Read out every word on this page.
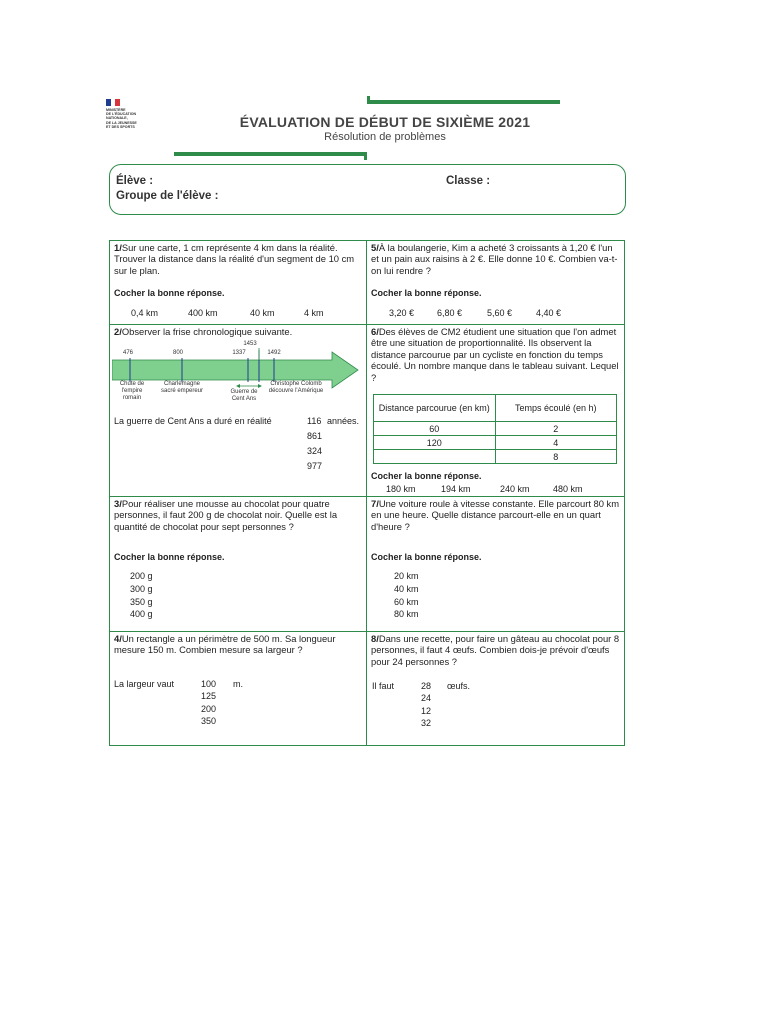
MINISTÈRE
DE L'ÉDUCATION
NATIONALE,
DE LA JEUNESSE
ET DES SPORTS	ÉVALUATION DE DÉBUT DE SIXIÈME 2021
Résolution de problèmes
Élève :	Classe :
Groupe de l'élève :
1/Sur une carte, 1 cm représente 4 km dans la réalité. Trouver la distance dans la réalité d'un segment de 10 cm sur le plan.
Cocher la bonne réponse.
0,4 km	400 km	40 km	4 km
5/À la boulangerie, Kim a acheté 3 croissants à 1,20 € l'un et un pain aux raisins à 2 €. Elle donne 10 €. Combien va-t-on lui rendre ?
Cocher la bonne réponse.
3,20 €	6,80 €	5,60 €	4,40 €
2/Observer la frise chronologique suivante.
476	800	1337
1453
1492
Chute de l'empire romain
Charlemagne sacré empereur	Guerre de Cent Ans
Christophe Colomb découvre l'Amérique
La guerre de Cent Ans a duré en réalité	116 années.
861
324
977
6/Des élèves de CM2 étudient une situation que l'on admet être une situation de proportionnalité. Ils observent la distance parcourue par un cycliste en fonction du temps écoulé. Un nombre manque dans le tableau suivant. Lequel ?
Distance parcourue (en km)	Temps écoulé (en h)
60	2
120	4
	8
Cocher la bonne réponse.
180 km	194 km	240 km	480 km
3/Pour réaliser une mousse au chocolat pour quatre personnes, il faut 200 g de chocolat noir. Quelle est la quantité de chocolat pour sept personnes ?
Cocher la bonne réponse.
200 g
300 g
350 g
400 g
7/Une voiture roule à vitesse constante. Elle parcourt 80 km en une heure. Quelle distance parcourt-elle en un quart d'heure ?
Cocher la bonne réponse.
20 km
40 km
60 km
80 km
4/Un rectangle a un périmètre de 500 m. Sa longueur mesure 150 m. Combien mesure sa largeur ?
La largeur vaut	100 m.
125
200
350
8/Dans une recette, pour faire un gâteau au chocolat pour 8 personnes, il faut 4 œufs. Combien dois-je prévoir d'œufs pour 24 personnes ?
Il faut	28 œufs.
24
12
32
